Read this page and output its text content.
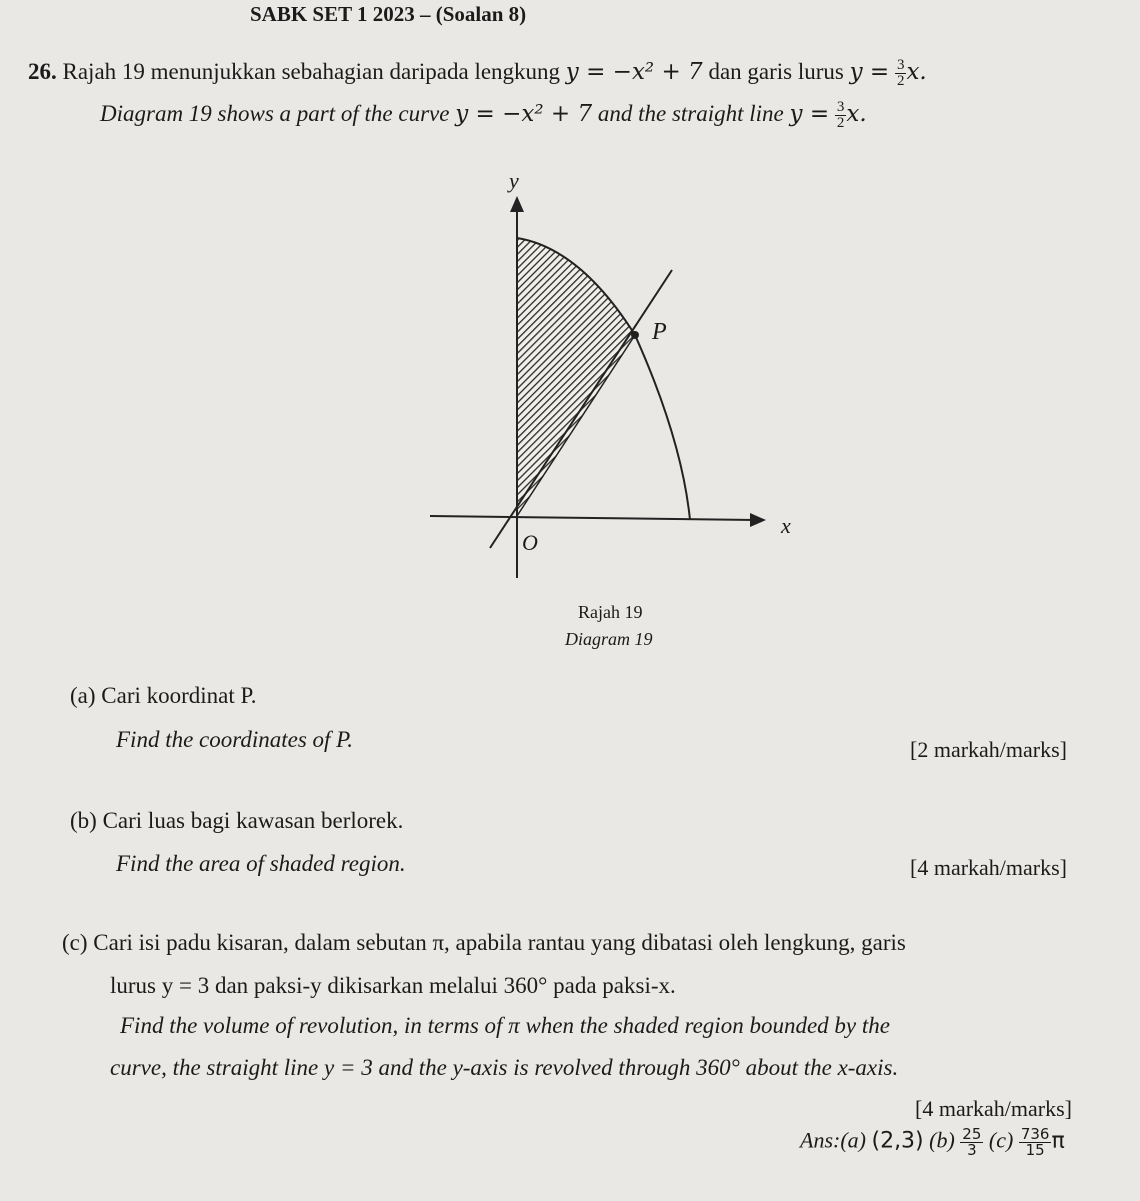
SABK SET 1 2023 – (Soalan 8)
26. Rajah 19 menunjukkan sebahagian daripada lengkung y = −x² + 7 dan garis lurus $y = \frac{3}{2} x$.
Diagram 19 shows a part of the curve y = −x² + 7 and the straight line $y = \frac{3}{2} x$.
y
x
O
P
Rajah 19
Diagram 19
(a) Cari koordinat P.
Find the coordinates of P.	[2 markah/marks]
(b) Cari luas bagi kawasan berlorek.
Find the area of shaded region.	[4 markah/marks]
(c) Cari isi padu kisaran, dalam sebutan π, apabila rantau yang dibatasi oleh lengkung, garis
lurus y = 3 dan paksi-y dikisarkan melalui 360° pada paksi-x.
Find the volume of revolution, in terms of π when the shaded region bounded by the
curve, the straight line y = 3 and the y-axis is revolved through 360° about the x-axis.
[4 markah/marks]
Ans:(a) (2,3) $(b) \frac{25}{3} (c) \frac{736}{15}$ π
